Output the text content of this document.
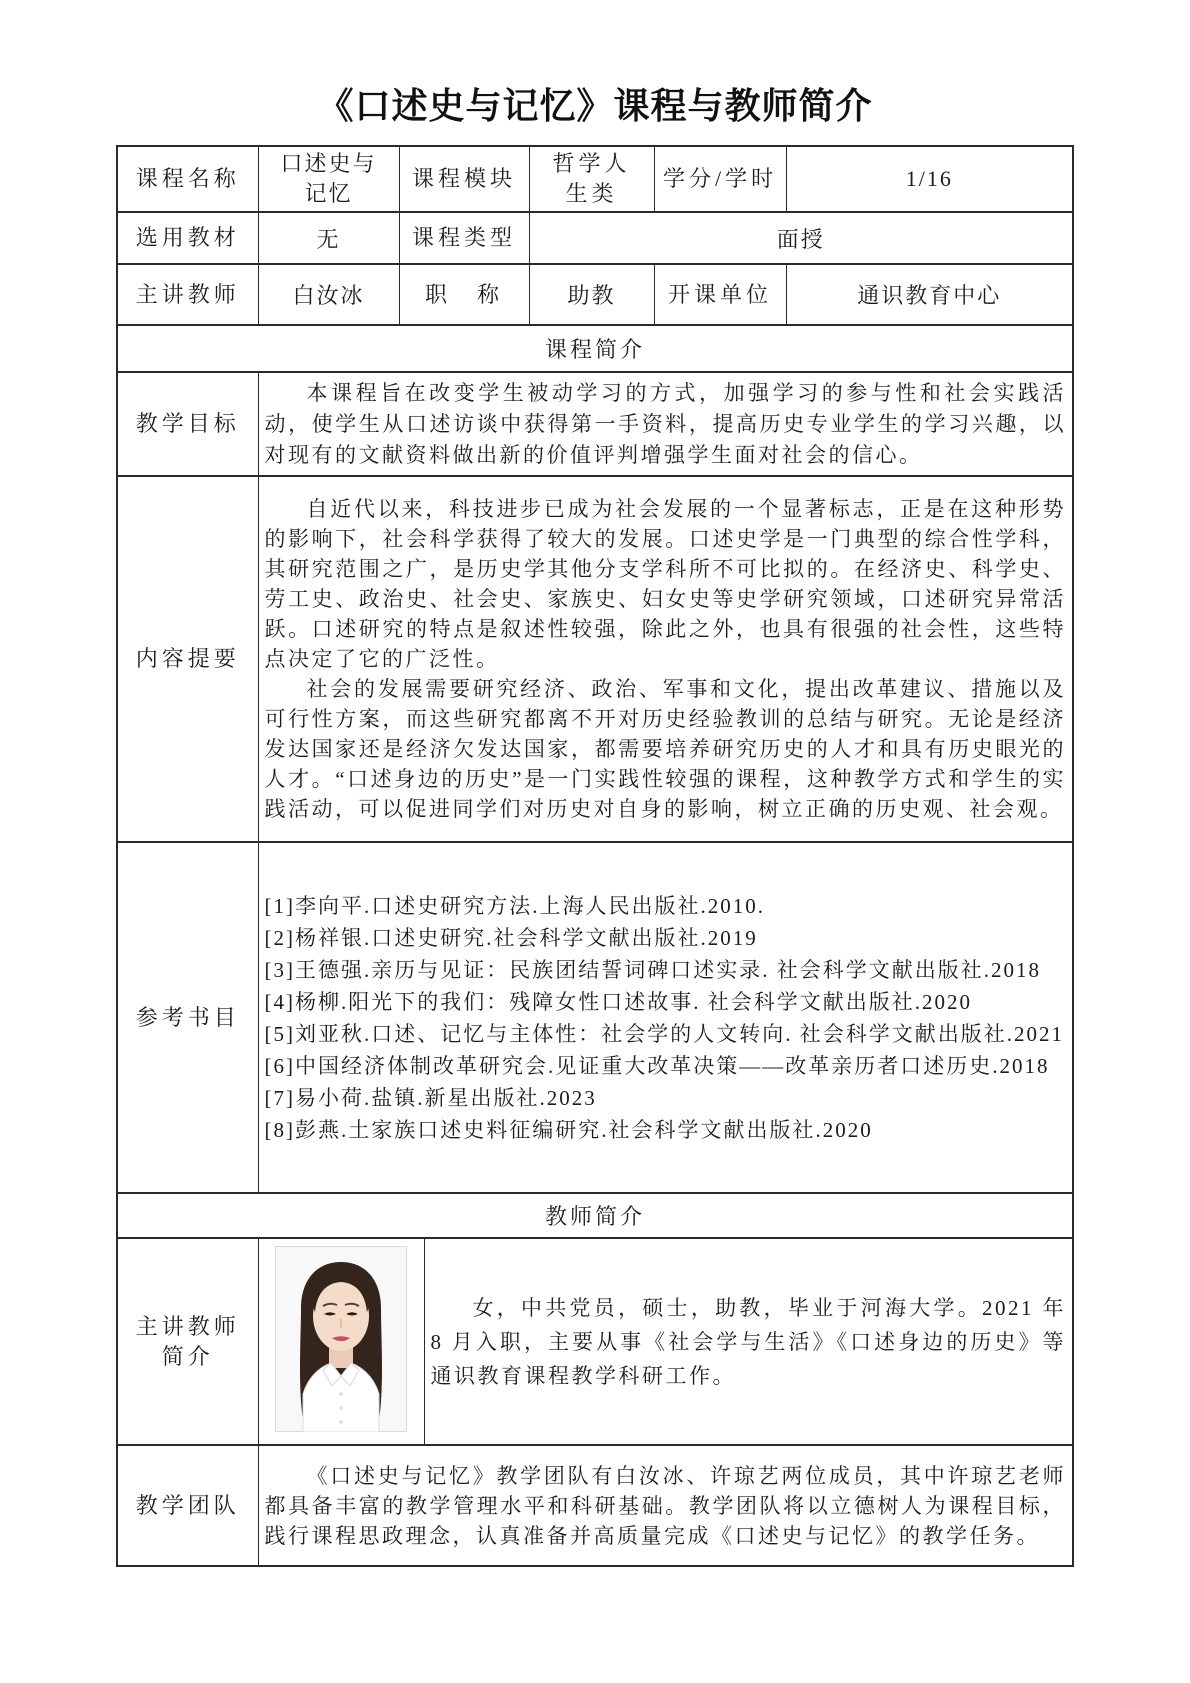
《口述史与记忆》课程与教师简介
课程名称	口述史与记忆	课程模块		哲学人生类	学分/学时	1/16
选用教材	无	课程类型		面授		
主讲教师	白汝冰	职　称		助教	开课单位	通识教育中心
课程简介						
教学目标	本课程旨在改变学生被动学习的方式，加强学习的参与性和社会实践活动，使学生从口述访谈中获得第一手资料，提高历史专业学生的学习兴趣，以对现有的文献资料做出新的价值评判增强学生面对社会的信心。					

内容提要	自近代以来，科技进步已成为社会发展的一个显著标志，正是在这种形势的影响下，社会科学获得了较大的发展。口述史学是一门典型的综合性学科，其研究范围之广，是历史学其他分支学科所不可比拟的。在经济史、科学史、劳工史、政治史、社会史、家族史、妇女史等史学研究领域，口述研究异常活跃。口述研究的特点是叙述性较强，除此之外，也具有很强的社会性，这些特点决定了它的广泛性。

社会的发展需要研究经济、政治、军事和文化，提出改革建议、措施以及可行性方案，而这些研究都离不开对历史经验教训的总结与研究。无论是经济发达国家还是经济欠发达国家，都需要培养研究历史的人才和具有历史眼光的人才。“口述身边的历史”是一门实践性较强的课程，这种教学方式和学生的实践活动，可以促进同学们对历史对自身的影响，树立正确的历史观、社会观。					

参考书目	
[1]李向平.口述史研究方法.上海人民出版社.2010.
[2]杨祥银.口述史研究.社会科学文献出版社.2019
[3]王德强.亲历与见证：民族团结誓词碑口述实录. 社会科学文献出版社.2018
[4]杨柳.阳光下的我们：残障女性口述故事. 社会科学文献出版社.2020
[5]刘亚秋.口述、记忆与主体性：社会学的人文转向. 社会科学文献出版社.2021
[6]中国经济体制改革研究会.见证重大改革决策——改革亲历者口述历史.2018
[7]易小荷.盐镇.新星出版社.2023
[8]彭燕.土家族口述史料征编研究.社会科学文献出版社.2020

教师简介						
主讲教师简介			女，中共党员，硕士，助教，毕业于河海大学。2021 年 8 月入职，主要从事《社会学与生活》《口述身边的历史》等通识教育课程教学科研工作。			

教学团队	《口述史与记忆》教学团队有白汝冰、许琼艺两位成员，其中许琼艺老师都具备丰富的教学管理水平和科研基础。教学团队将以立德树人为课程目标，践行课程思政理念，认真准备并高质量完成《口述史与记忆》的教学任务。					
